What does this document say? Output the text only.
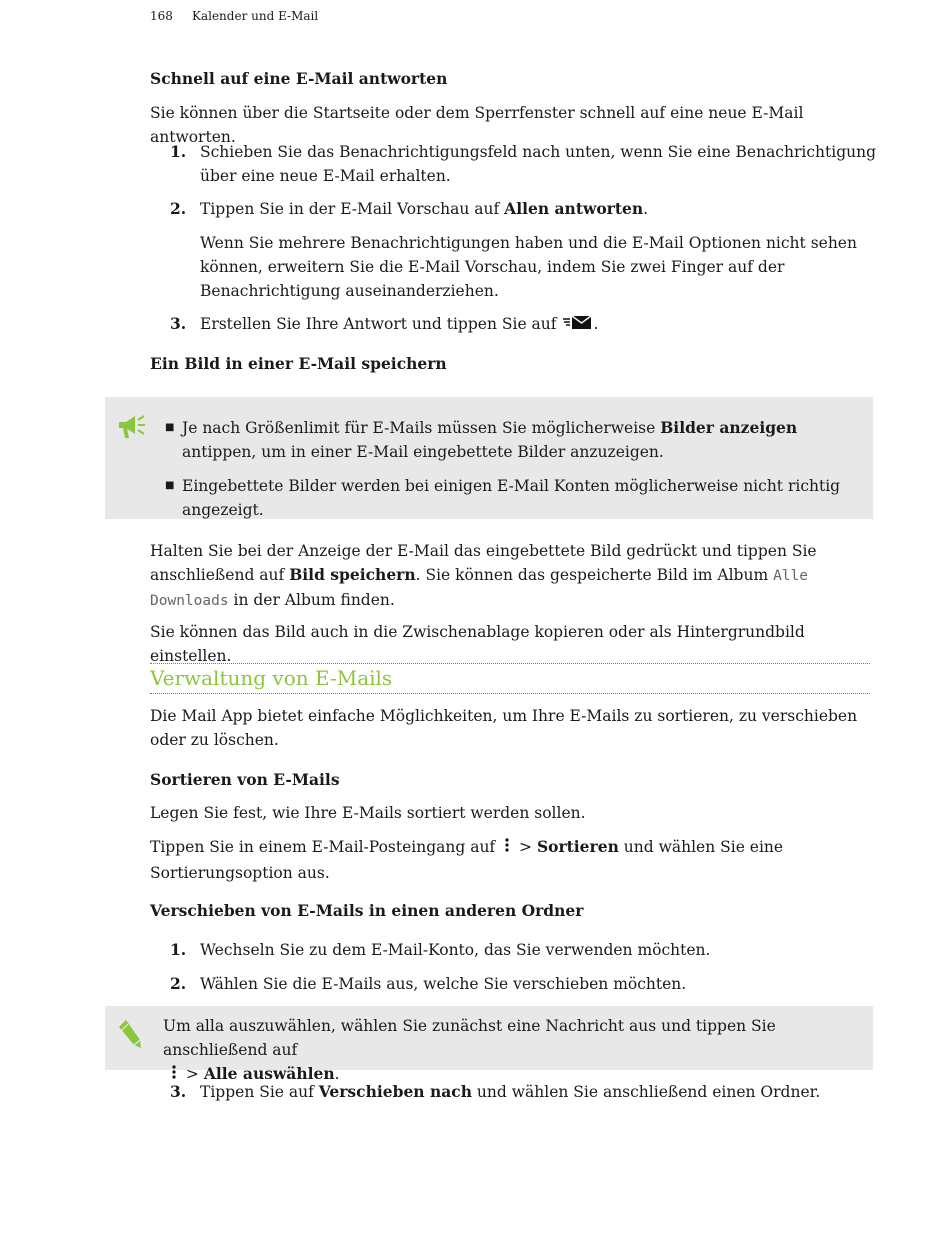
168 Kalender und E-Mail
Schnell auf eine E-Mail antworten
Sie können über die Startseite oder dem Sperrfenster schnell auf eine neue E-Mail antworten.
1. Schieben Sie das Benachrichtigungsfeld nach unten, wenn Sie eine Benachrichtigung über eine neue E-Mail erhalten.
2. Tippen Sie in der E-Mail Vorschau auf Allen antworten.
Wenn Sie mehrere Benachrichtigungen haben und die E-Mail Optionen nicht sehen können, erweitern Sie die E-Mail Vorschau, indem Sie zwei Finger auf der Benachrichtigung auseinanderziehen.
3. Erstellen Sie Ihre Antwort und tippen Sie auf .
Ein Bild in einer E-Mail speichern
■ Je nach Größenlimit für E-Mails müssen Sie möglicherweise Bilder anzeigen antippen, um in einer E-Mail eingebettete Bilder anzuzeigen.
■ Eingebettete Bilder werden bei einigen E-Mail Konten möglicherweise nicht richtig angezeigt.
Halten Sie bei der Anzeige der E-Mail das eingebettete Bild gedrückt und tippen Sie anschließend auf Bild speichern. Sie können das gespeicherte Bild im Album Alle Downloads in der Album finden.
Sie können das Bild auch in die Zwischenablage kopieren oder als Hintergrundbild einstellen.
Verwaltung von E-Mails
Die Mail App bietet einfache Möglichkeiten, um Ihre E-Mails zu sortieren, zu verschieben oder zu löschen.
Sortieren von E-Mails
Legen Sie fest, wie Ihre E-Mails sortiert werden sollen.
Tippen Sie in einem E-Mail-Posteingang auf  > Sortieren und wählen Sie eine Sortierungsoption aus.
Verschieben von E-Mails in einen anderen Ordner
1. Wechseln Sie zu dem E-Mail-Konto, das Sie verwenden möchten.
2. Wählen Sie die E-Mails aus, welche Sie verschieben möchten.
Um alla auszuwählen, wählen Sie zunächst eine Nachricht aus und tippen Sie anschließend auf
> Alle auswählen.
3. Tippen Sie auf Verschieben nach und wählen Sie anschließend einen Ordner.
